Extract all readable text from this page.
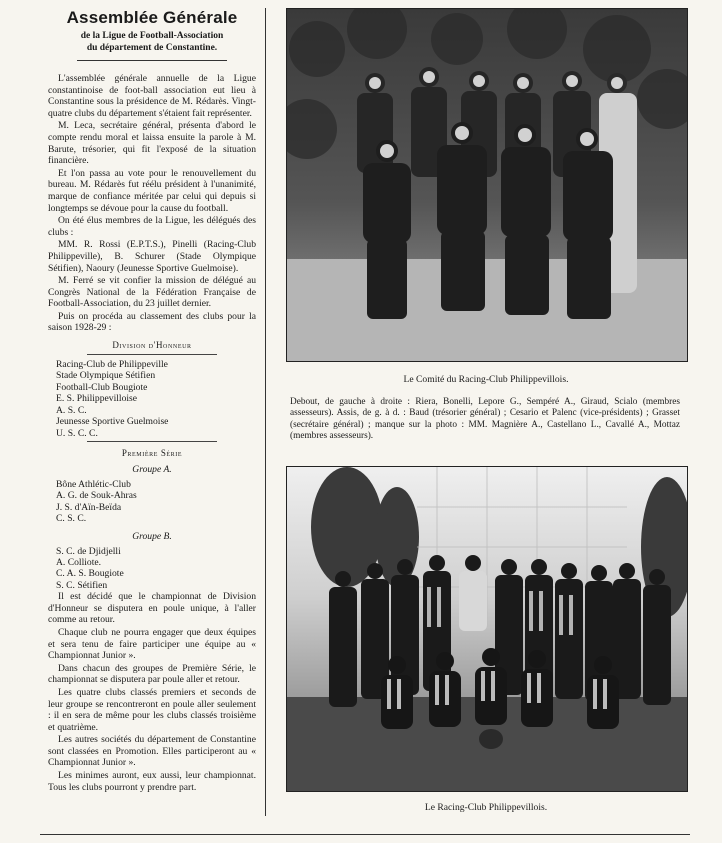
Assemblée Générale
de la Ligue de Football-Association
du département de Constantine.

L'assemblée générale annuelle de la Ligue constantinoise de foot-ball association eut lieu à Constantine sous la présidence de M. Rédarès. Vingt-quatre clubs du département s'étaient fait représenter.

M. Leca, secrétaire général, présenta d'abord le compte rendu moral et laissa ensuite la parole à M. Barute, trésorier, qui fit l'exposé de la situation financière.

Et l'on passa au vote pour le renouvellement du bureau. M. Rédarès fut réélu président à l'unanimité, marque de confiance méritée par celui qui depuis si longtemps se dévoue pour la cause du football.

On été élus membres de la Ligue, les délégués des clubs :

MM. R. Rossi (E.P.T.S.), Pinelli (Racing-Club Philippeville), B. Schurer (Stade Olympique Sétifien), Naoury (Jeunesse Sportive Guelmoise).

M. Ferré se vit confier la mission de délégué au Congrès National de la Fédération Française de Football-Association, du 23 juillet dernier.

Puis on procéda au classement des clubs pour la saison 1928-29 :

Division d'Honneur
Racing-Club de Philippeville
Stade Olympique Sétifien
Football-Club Bougiote
E. S. Philippevilloise
A. S. C.
Jeunesse Sportive Guelmoise
U. S. C. C.
Première Série
Groupe A.
Bône Athlétic-Club
A. G. de Souk-Ahras
J. S. d'Aïn-Beïda
C. S. C.
Groupe B.
S. C. de Djidjelli
A. Colliote.
C. A. S. Bougiote
S. C. Sétifien

Il est décidé que le championnat de Division d'Honneur se disputera en poule unique, à l'aller comme au retour.

Chaque club ne pourra engager que deux équipes et sera tenu de faire participer une équipe au « Championnat Junior ».

Dans chacun des groupes de Première Série, le championnat se disputera par poule aller et retour.

Les quatre clubs classés premiers et seconds de leur groupe se rencontreront en poule aller seulement : il en sera de même pour les clubs classés troisième et quatrième.

Les autres sociétés du département de Constantine sont classées en Promotion. Elles participeront au « Championnat Junior ».

Les minimes auront, eux aussi, leur championnat. Tous les clubs pourront y prendre part.

Le Comité du Racing-Club Philippevillois.
Debout, de gauche à droite : Riera, Bonelli, Lepore G., Sempéré A., Giraud, Scialo (membres assesseurs). Assis, de g. à d. : Baud (trésorier général) ; Cesario et Palenc (vice-présidents) ; Grasset (secrétaire général) ; manque sur la photo : MM. Magnière A., Castellano L., Cavallé A., Mottaz (membres assesseurs).
Le Racing-Club Philippevillois.
